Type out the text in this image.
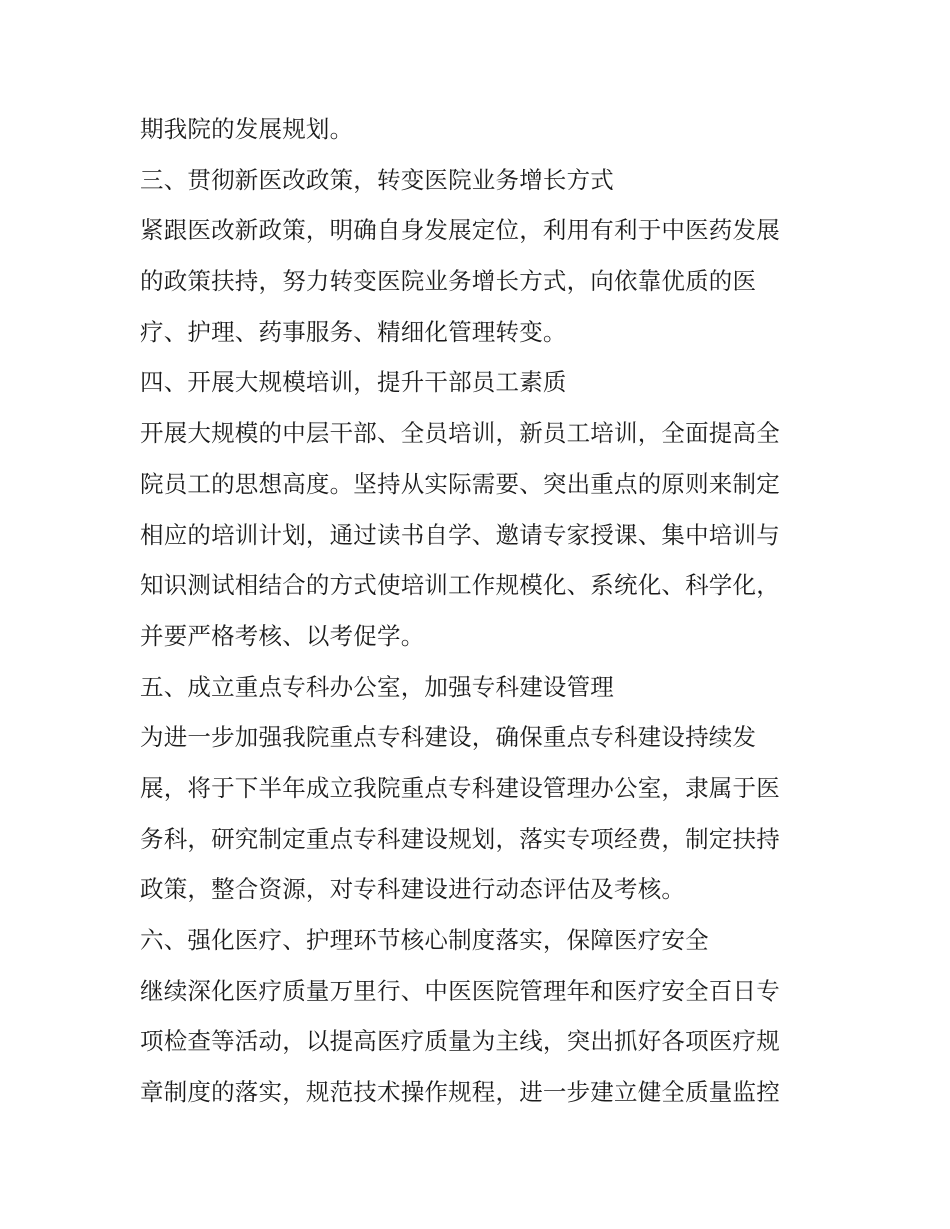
期我院的发展规划。
三、贯彻新医改政策，转变医院业务增长方式
紧跟医改新政策，明确自身发展定位，利用有利于中医药发展
的政策扶持，努力转变医院业务增长方式，向依靠优质的医
疗、护理、药事服务、精细化管理转变。
四、开展大规模培训，提升干部员工素质
开展大规模的中层干部、全员培训，新员工培训，全面提高全
院员工的思想高度。坚持从实际需要、突出重点的原则来制定
相应的培训计划，通过读书自学、邀请专家授课、集中培训与
知识测试相结合的方式使培训工作规模化、系统化、科学化，
并要严格考核、以考促学。
五、成立重点专科办公室，加强专科建设管理
为进一步加强我院重点专科建设，确保重点专科建设持续发
展，将于下半年成立我院重点专科建设管理办公室，隶属于医
务科，研究制定重点专科建设规划，落实专项经费，制定扶持
政策，整合资源，对专科建设进行动态评估及考核。
六、强化医疗、护理环节核心制度落实，保障医疗安全
继续深化医疗质量万里行、中医医院管理年和医疗安全百日专
项检查等活动，以提高医疗质量为主线，突出抓好各项医疗规
章制度的落实，规范技术操作规程，进一步建立健全质量监控
